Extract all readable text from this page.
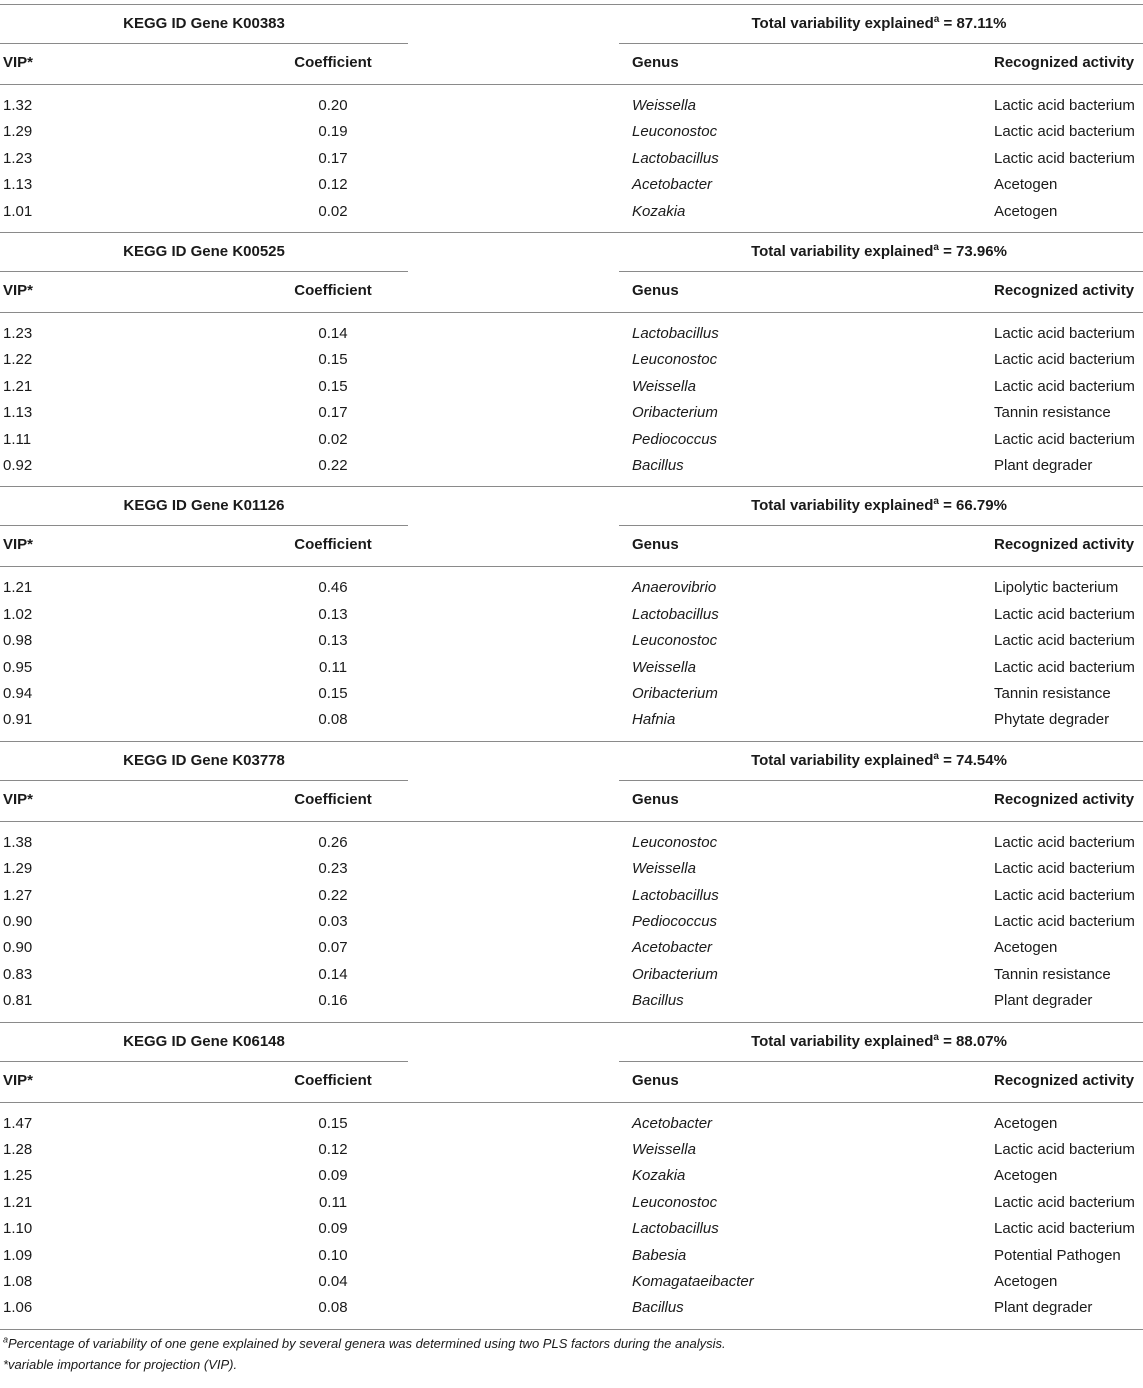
KEGG ID Gene K00383	Total variability explained$^a$ = 87.11%
VIP*	Coefficient	Genus	Recognized activity
1.32	0.20	Weissella	Lactic acid bacterium
1.29	0.19	Leuconostoc	Lactic acid bacterium
1.23	0.17	Lactobacillus	Lactic acid bacterium
1.13	0.12	Acetobacter	Acetogen
1.01	0.02	Kozakia	Acetogen
KEGG ID Gene K00525	Total variability explained$^a$ = 73.96%
VIP*	Coefficient	Genus	Recognized activity
1.23	0.14	Lactobacillus	Lactic acid bacterium
1.22	0.15	Leuconostoc	Lactic acid bacterium
1.21	0.15	Weissella	Lactic acid bacterium
1.13	0.17	Oribacterium	Tannin resistance
1.11	0.02	Pediococcus	Lactic acid bacterium
0.92	0.22	Bacillus	Plant degrader
KEGG ID Gene K01126	Total variability explained$^a$ = 66.79%
VIP*	Coefficient	Genus	Recognized activity
1.21	0.46	Anaerovibrio	Lipolytic bacterium
1.02	0.13	Lactobacillus	Lactic acid bacterium
0.98	0.13	Leuconostoc	Lactic acid bacterium
0.95	0.11	Weissella	Lactic acid bacterium
0.94	0.15	Oribacterium	Tannin resistance
0.91	0.08	Hafnia	Phytate degrader
KEGG ID Gene K03778	Total variability explained$^a$ = 74.54%
VIP*	Coefficient	Genus	Recognized activity
1.38	0.26	Leuconostoc	Lactic acid bacterium
1.29	0.23	Weissella	Lactic acid bacterium
1.27	0.22	Lactobacillus	Lactic acid bacterium
0.90	0.03	Pediococcus	Lactic acid bacterium
0.90	0.07	Acetobacter	Acetogen
0.83	0.14	Oribacterium	Tannin resistance
0.81	0.16	Bacillus	Plant degrader
KEGG ID Gene K06148	Total variability explained$^a$ = 88.07%
VIP*	Coefficient	Genus	Recognized activity
1.47	0.15	Acetobacter	Acetogen
1.28	0.12	Weissella	Lactic acid bacterium
1.25	0.09	Kozakia	Acetogen
1.21	0.11	Leuconostoc	Lactic acid bacterium
1.10	0.09	Lactobacillus	Lactic acid bacterium
1.09	0.10	Babesia	Potential Pathogen
1.08	0.04	Komagataeibacter	Acetogen
1.06	0.08	Bacillus	Plant degrader
$^a$Percentage of variability of one gene explained by several genera was determined using two PLS factors during the analysis.
*variable importance for projection (VIP).
